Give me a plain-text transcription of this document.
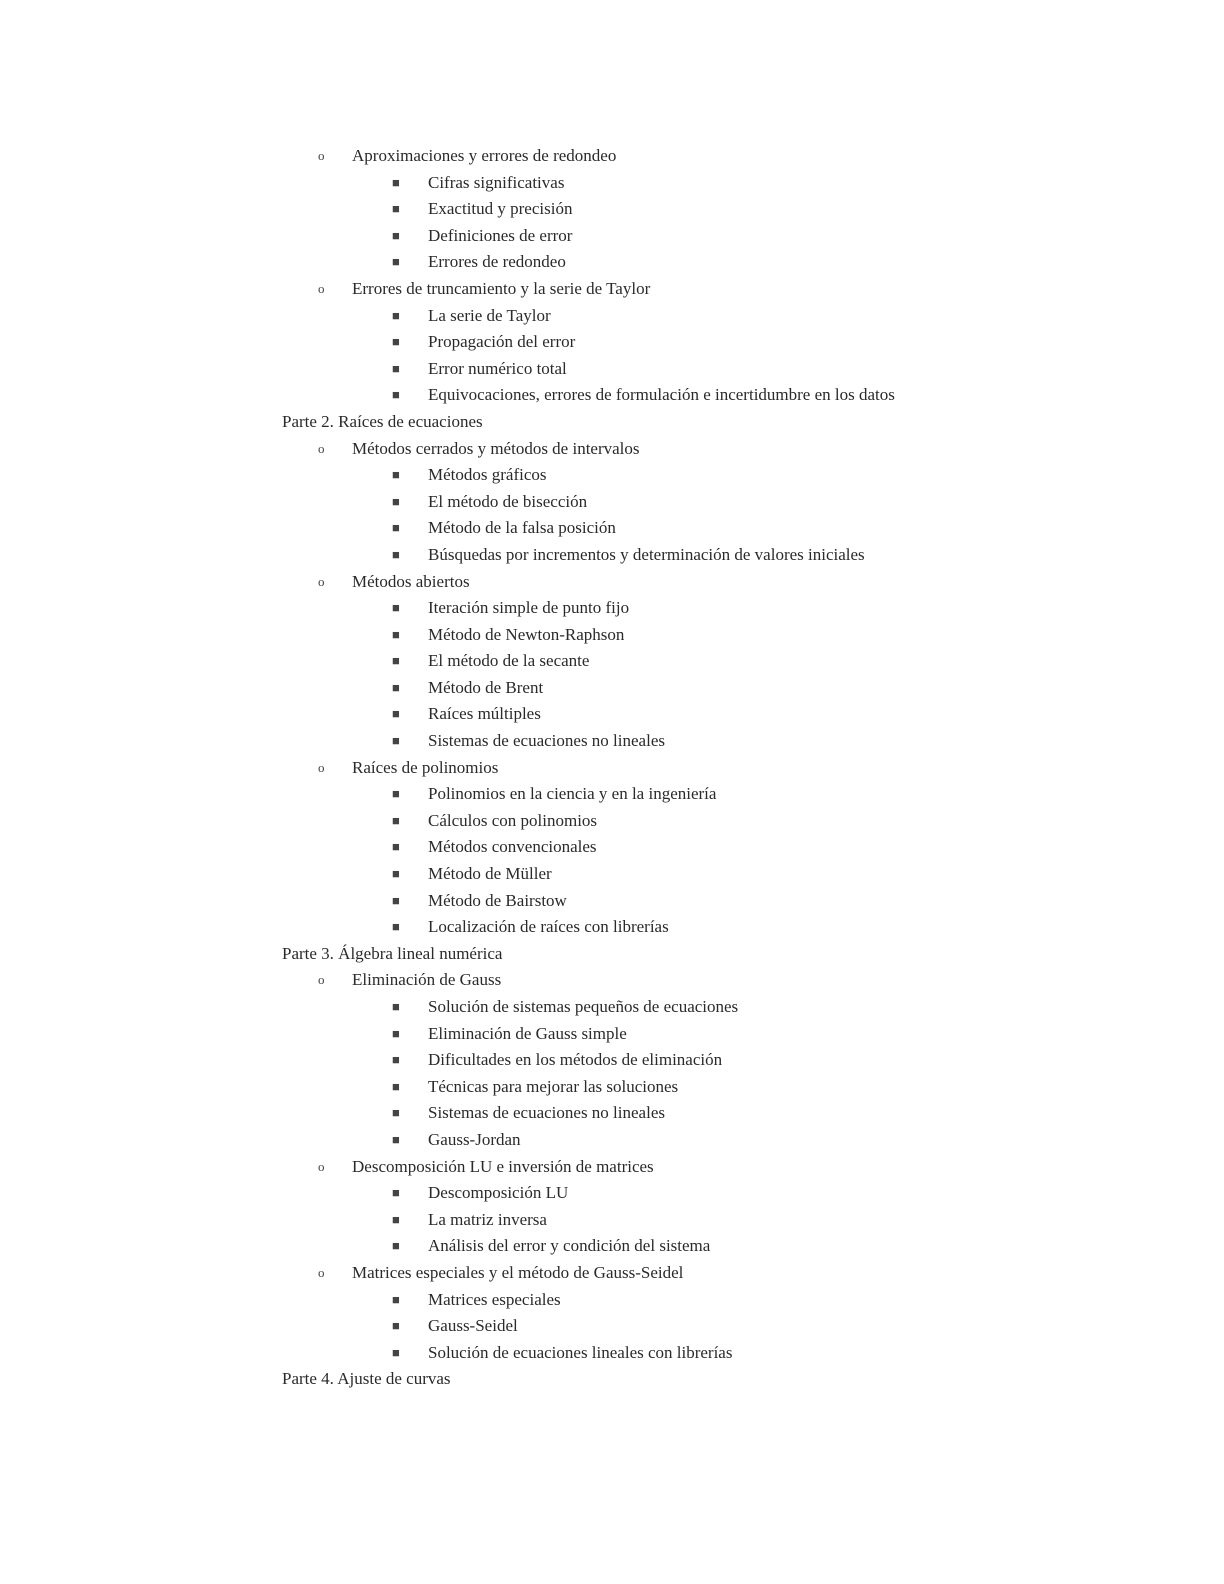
o Aproximaciones y errores de redondeo
■ Cifras significativas
■ Exactitud y precisión
■ Definiciones de error
■ Errores de redondeo
o Errores de truncamiento y la serie de Taylor
■ La serie de Taylor
■ Propagación del error
■ Error numérico total
■ Equivocaciones, errores de formulación e incertidumbre en los datos
Parte 2. Raíces de ecuaciones
o Métodos cerrados y métodos de intervalos
■ Métodos gráficos
■ El método de bisección
■ Método de la falsa posición
■ Búsquedas por incrementos y determinación de valores iniciales
o Métodos abiertos
■ Iteración simple de punto fijo
■ Método de Newton-Raphson
■ El método de la secante
■ Método de Brent
■ Raíces múltiples
■ Sistemas de ecuaciones no lineales
o Raíces de polinomios
■ Polinomios en la ciencia y en la ingeniería
■ Cálculos con polinomios
■ Métodos convencionales
■ Método de Müller
■ Método de Bairstow
■ Localización de raíces con librerías
Parte 3. Álgebra lineal numérica
o Eliminación de Gauss
■ Solución de sistemas pequeños de ecuaciones
■ Eliminación de Gauss simple
■ Dificultades en los métodos de eliminación
■ Técnicas para mejorar las soluciones
■ Sistemas de ecuaciones no lineales
■ Gauss-Jordan
o Descomposición LU e inversión de matrices
■ Descomposición LU
■ La matriz inversa
■ Análisis del error y condición del sistema
o Matrices especiales y el método de Gauss-Seidel
■ Matrices especiales
■ Gauss-Seidel
■ Solución de ecuaciones lineales con librerías
Parte 4. Ajuste de curvas
